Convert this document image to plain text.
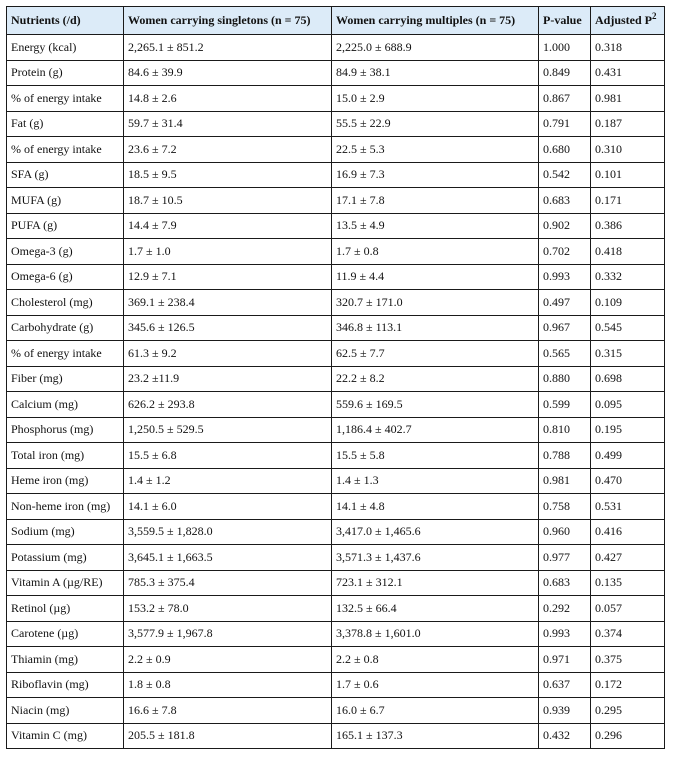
Nutrients (/d)	Women carrying singletons (n = 75)	Women carrying multiples (n = 75)	P-value	Adjusted $P^2$
Energy (kcal)	2,265.1 ± 851.2	2,225.0 ± 688.9	1.000	0.318
Protein (g)	84.6 ± 39.9	84.9 ± 38.1	0.849	0.431
% of energy intake	14.8 ± 2.6	15.0 ± 2.9	0.867	0.981
Fat (g)	59.7 ± 31.4	55.5 ± 22.9	0.791	0.187
% of energy intake	23.6 ± 7.2	22.5 ± 5.3	0.680	0.310
SFA (g)	18.5 ± 9.5	16.9 ± 7.3	0.542	0.101
MUFA (g)	18.7 ± 10.5	17.1 ± 7.8	0.683	0.171
PUFA (g)	14.4 ± 7.9	13.5 ± 4.9	0.902	0.386
Omega-3 (g)	1.7 ± 1.0	1.7 ± 0.8	0.702	0.418
Omega-6 (g)	12.9 ± 7.1	11.9 ± 4.4	0.993	0.332
Cholesterol (mg)	369.1 ± 238.4	320.7 ± 171.0	0.497	0.109
Carbohydrate (g)	345.6 ± 126.5	346.8 ± 113.1	0.967	0.545
% of energy intake	61.3 ± 9.2	62.5 ± 7.7	0.565	0.315
Fiber (mg)	23.2 ±11.9	22.2 ± 8.2	0.880	0.698
Calcium (mg)	626.2 ± 293.8	559.6 ± 169.5	0.599	0.095
Phosphorus (mg)	1,250.5 ± 529.5	1,186.4 ± 402.7	0.810	0.195
Total iron (mg)	15.5 ± 6.8	15.5 ± 5.8	0.788	0.499
Heme iron (mg)	1.4 ± 1.2	1.4 ± 1.3	0.981	0.470
Non-heme iron (mg)	14.1 ± 6.0	14.1 ± 4.8	0.758	0.531
Sodium (mg)	3,559.5 ± 1,828.0	3,417.0 ± 1,465.6	0.960	0.416
Potassium (mg)	3,645.1 ± 1,663.5	3,571.3 ± 1,437.6	0.977	0.427
Vitamin A (µg/RE)	785.3 ± 375.4	723.1 ± 312.1	0.683	0.135
Retinol (µg)	153.2 ± 78.0	132.5 ± 66.4	0.292	0.057
Carotene (µg)	3,577.9 ± 1,967.8	3,378.8 ± 1,601.0	0.993	0.374
Thiamin (mg)	2.2 ± 0.9	2.2 ± 0.8	0.971	0.375
Riboflavin (mg)	1.8 ± 0.8	1.7 ± 0.6	0.637	0.172
Niacin (mg)	16.6 ± 7.8	16.0 ± 6.7	0.939	0.295
Vitamin C (mg)	205.5 ± 181.8	165.1 ± 137.3	0.432	0.296
